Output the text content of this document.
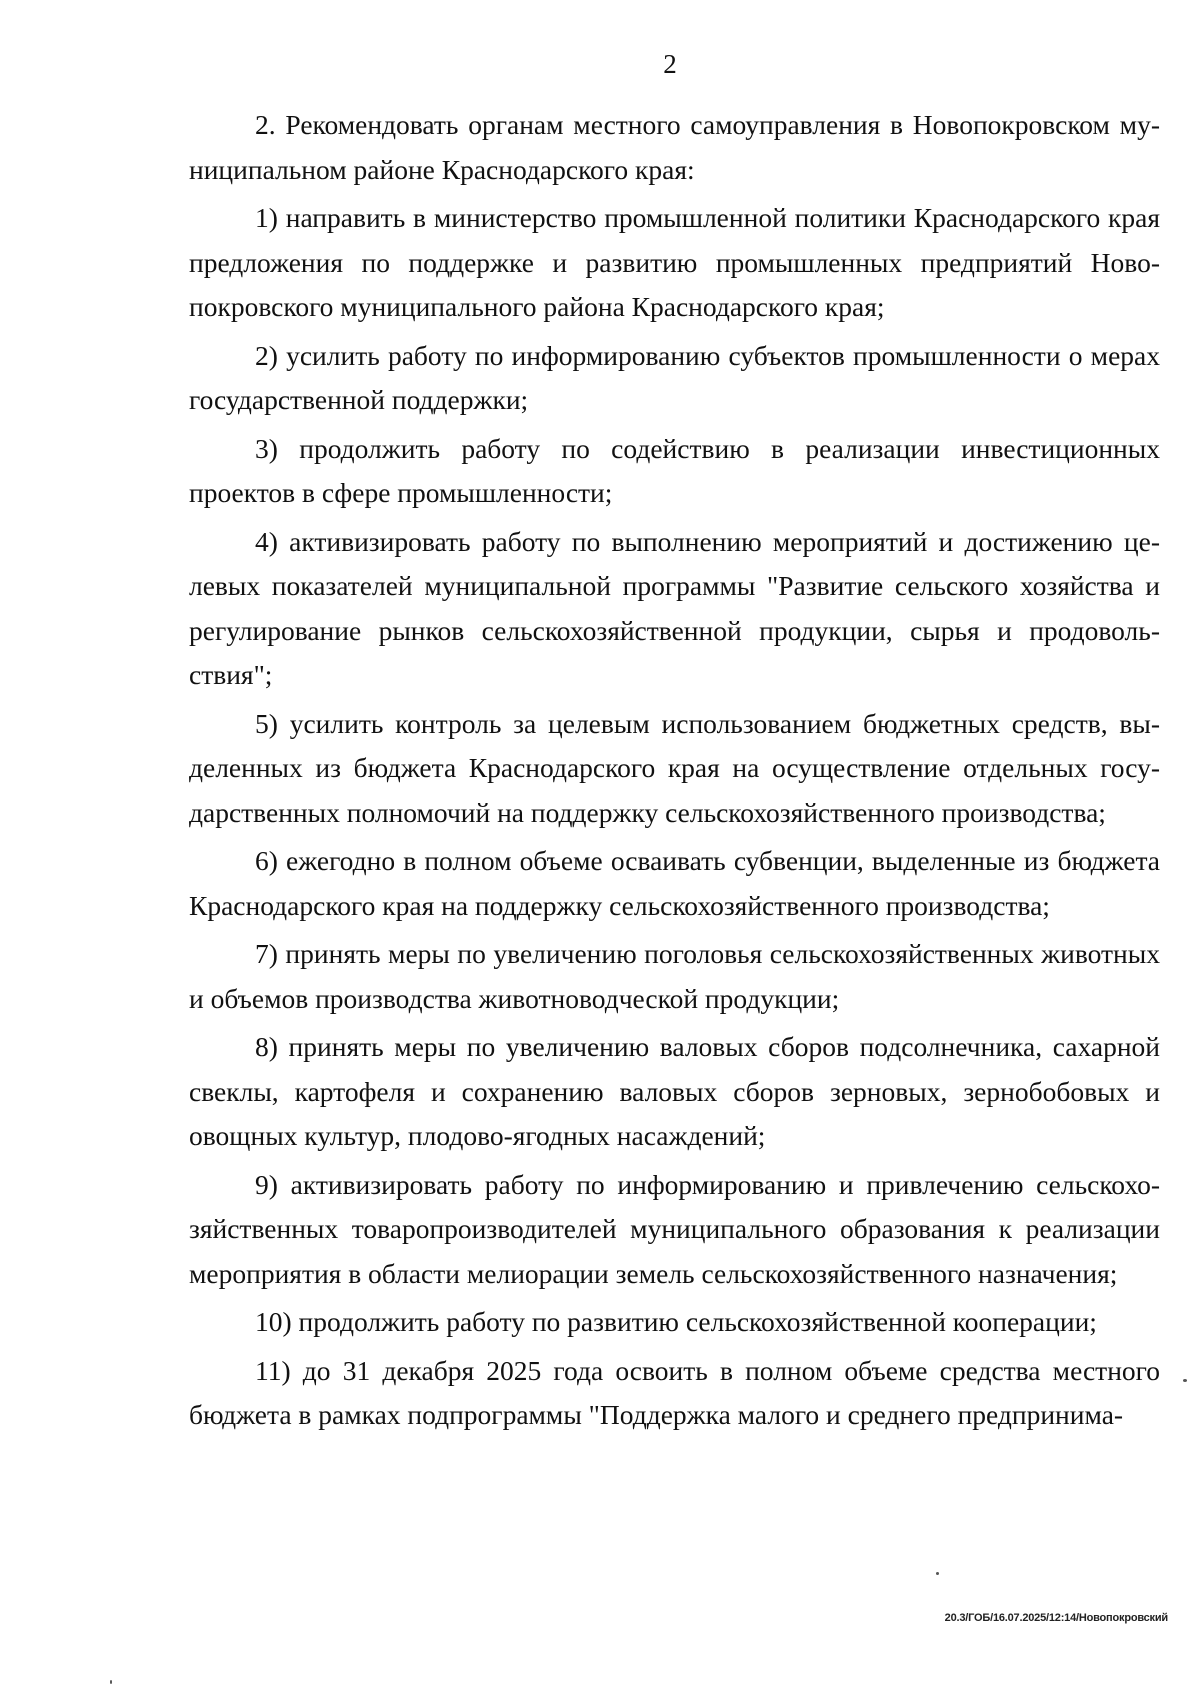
2

2. Рекомендовать органам местного самоуправления в Новопокровском муниципальном районе Краснодарского края:

1) направить в министерство промышленной политики Краснодарского края предложения по поддержке и развитию промышленных предприятий Новопокровского муниципального района Краснодарского края;

2) усилить работу по информированию субъектов промышленности о мерах государственной поддержки;

3) продолжить работу по содействию в реализации инвестиционных проектов в сфере промышленности;

4) активизировать работу по выполнению мероприятий и достижению целевых показателей муниципальной программы "Развитие сельского хозяйства и регулирование рынков сельскохозяйственной продукции, сырья и продовольствия";

5) усилить контроль за целевым использованием бюджетных средств, выделенных из бюджета Краснодарского края на осуществление отдельных государственных полномочий на поддержку сельскохозяйственного производства;

6) ежегодно в полном объеме осваивать субвенции, выделенные из бюджета Краснодарского края на поддержку сельскохозяйственного производства;

7) принять меры по увеличению поголовья сельскохозяйственных животных и объемов производства животноводческой продукции;

8) принять меры по увеличению валовых сборов подсолнечника, сахарной свеклы, картофеля и сохранению валовых сборов зерновых, зернобобовых и овощных культур, плодово-ягодных насаждений;

9) активизировать работу по информированию и привлечению сельскохозяйственных товаропроизводителей муниципального образования к реализации мероприятия в области мелиорации земель сельскохозяйственного назначения;

10) продолжить работу по развитию сельскохозяйственной кооперации;

11) до 31 декабря 2025 года освоить в полном объеме средства местного бюджета в рамках подпрограммы "Поддержка малого и среднего предпринима-

20.3/ГОБ/16.07.2025/12:14/Новопокровский
